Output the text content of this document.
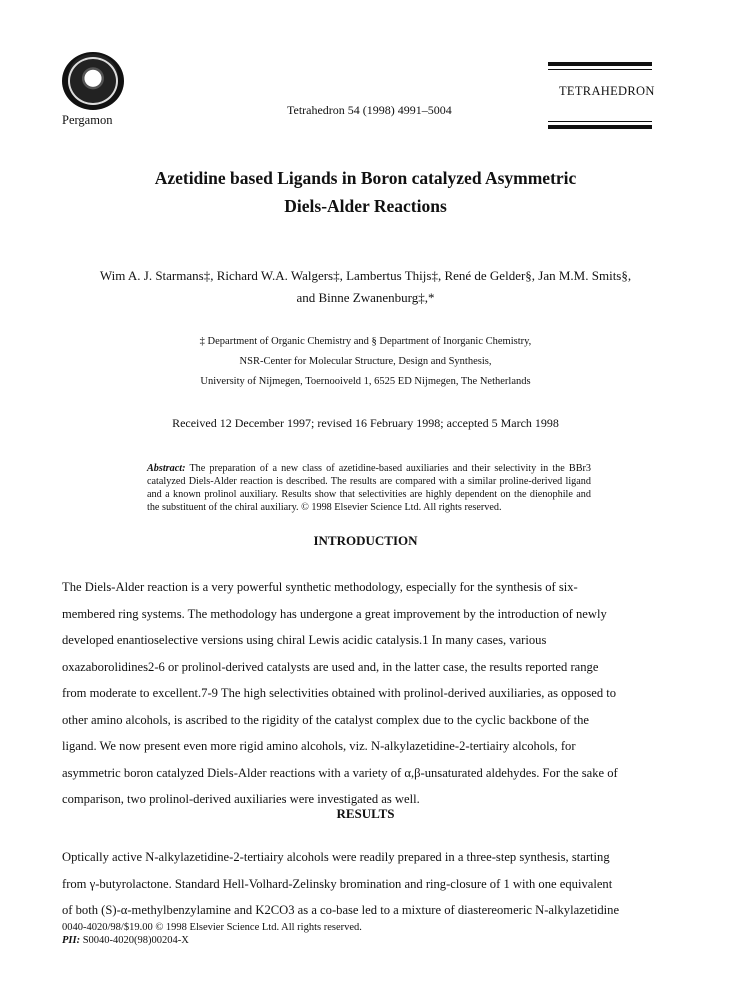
Pergamon
Tetrahedron 54 (1998) 4991–5004
TETRAHEDRON
Azetidine based Ligands in Boron catalyzed Asymmetric
Diels-Alder Reactions
Wim A. J. Starmans‡, Richard W.A. Walgers‡, Lambertus Thijs‡, René de Gelder§, Jan M.M. Smits§,
and Binne Zwanenburg‡,*
‡ Department of Organic Chemistry and § Department of Inorganic Chemistry,
NSR-Center for Molecular Structure, Design and Synthesis,
University of Nijmegen, Toernooiveld 1, 6525 ED Nijmegen, The Netherlands
Received 12 December 1997; revised 16 February 1998; accepted 5 March 1998
Abstract: The preparation of a new class of azetidine-based auxiliaries and their selectivity in the BBr3 catalyzed Diels-Alder reaction is described. The results are compared with a similar proline-derived ligand and a known prolinol auxiliary. Results show that selectivities are highly dependent on the dienophile and the substituent of the chiral auxiliary. © 1998 Elsevier Science Ltd. All rights reserved.
INTRODUCTION

The Diels-Alder reaction is a very powerful synthetic methodology, especially for the synthesis of six-

membered ring systems. The methodology has undergone a great improvement by the introduction of newly

developed enantioselective versions using chiral Lewis acidic catalysis.1 In many cases, various

oxazaborolidines2-6 or prolinol-derived catalysts are used and, in the latter case, the results reported range

from moderate to excellent.7-9 The high selectivities obtained with prolinol-derived auxiliaries, as opposed to

other amino alcohols, is ascribed to the rigidity of the catalyst complex due to the cyclic backbone of the

ligand. We now present even more rigid amino alcohols, viz. N-alkylazetidine-2-tertiairy alcohols, for

asymmetric boron catalyzed Diels-Alder reactions with a variety of α,β-unsaturated aldehydes. For the sake of

comparison, two prolinol-derived auxiliaries were investigated as well.

RESULTS

Optically active N-alkylazetidine-2-tertiairy alcohols were readily prepared in a three-step synthesis, starting

from γ-butyrolactone. Standard Hell-Volhard-Zelinsky bromination and ring-closure of 1 with one equivalent

of both (S)-α-methylbenzylamine and K2CO3 as a co-base led to a mixture of diastereomeric N-alkylazetidine

0040-4020/98/$19.00 © 1998 Elsevier Science Ltd. All rights reserved.
PII: S0040-4020(98)00204-X
